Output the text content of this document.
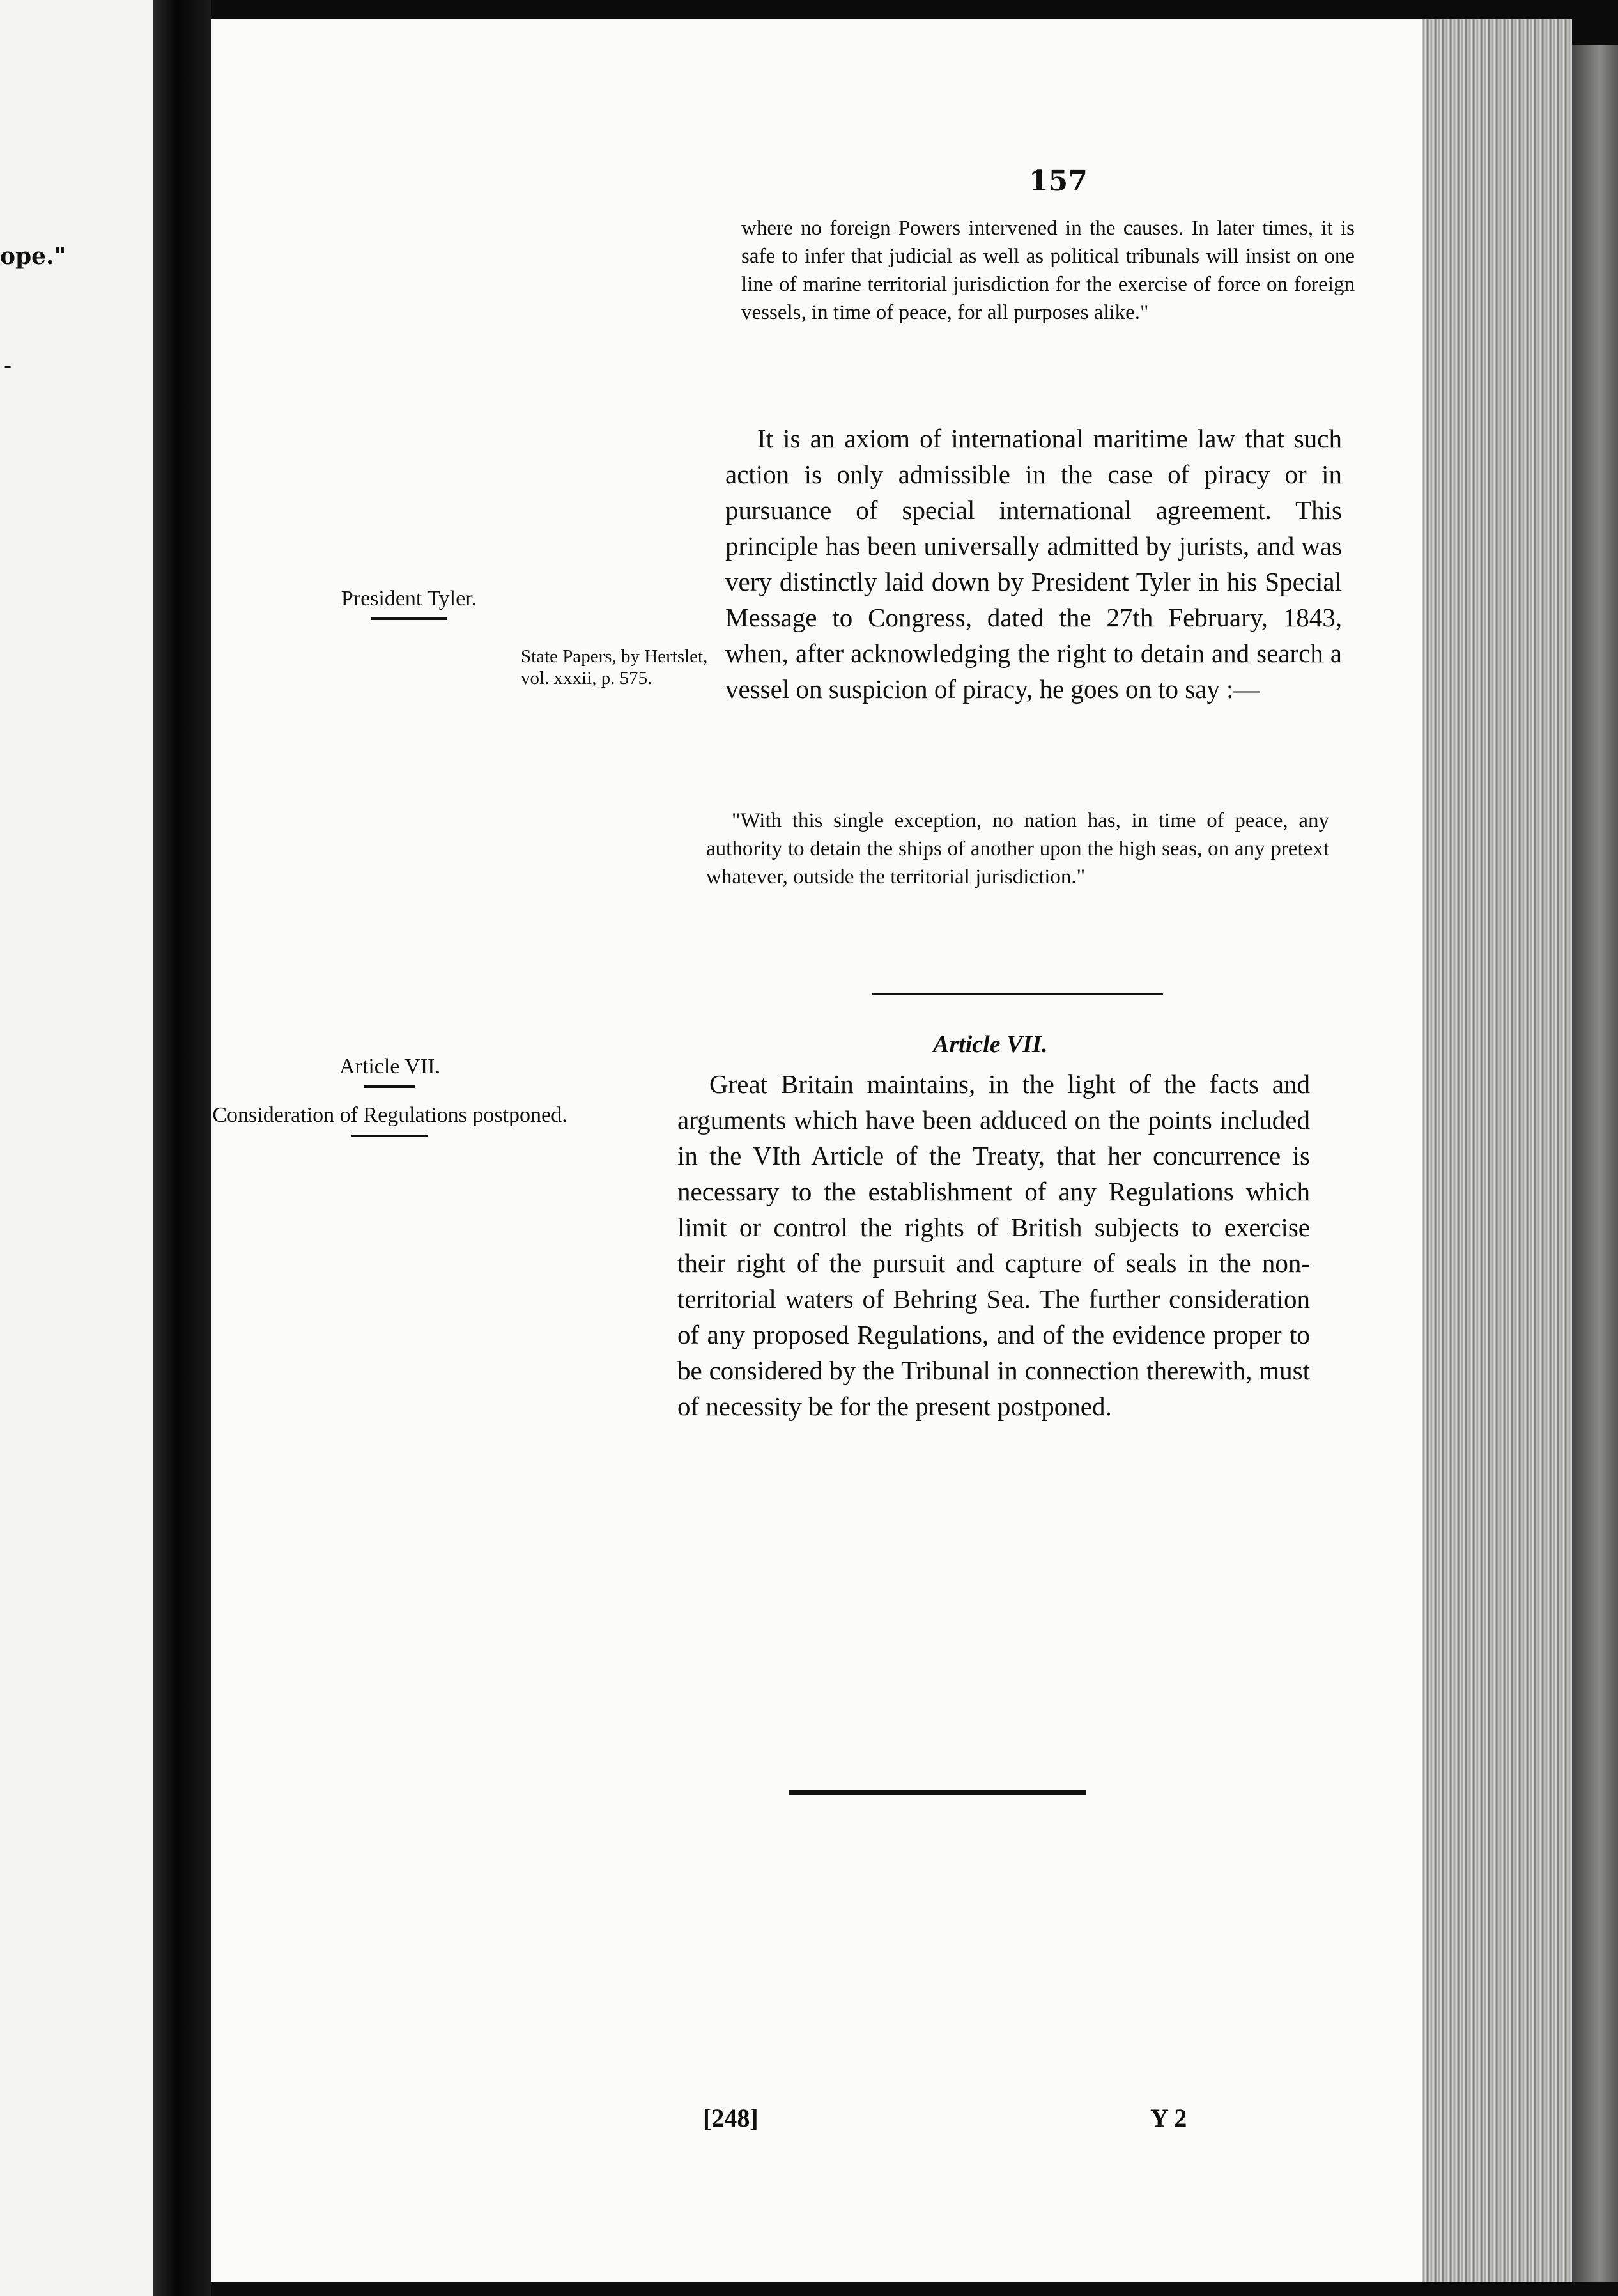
ope."
-
157
where no foreign Powers intervened in the causes. In later times, it is safe to infer that judicial as well as political tribunals will insist on one line of marine territorial jurisdiction for the exercise of force on foreign vessels, in time of peace, for all purposes alike."
President Tyler.
State Papers, by Hertslet, vol. xxxii, p. 575.
It is an axiom of international maritime law that such action is only admissible in the case of piracy or in pursuance of special international agreement. This principle has been universally admitted by jurists, and was very distinctly laid down by President Tyler in his Special Message to Congress, dated the 27th February, 1843, when, after acknowledging the right to detain and search a vessel on suspicion of piracy, he goes on to say :—
"With this single exception, no nation has, in time of peace, any authority to detain the ships of another upon the high seas, on any pretext whatever, outside the territorial jurisdiction."
Article VII.
Article VII.
Consideration of Regulations postponed.
Great Britain maintains, in the light of the facts and arguments which have been adduced on the points included in the VIth Article of the Treaty, that her concurrence is necessary to the establishment of any Regulations which limit or control the rights of British subjects to exercise their right of the pursuit and capture of seals in the non-territorial waters of Behring Sea. The further consideration of any proposed Regulations, and of the evidence proper to be considered by the Tribunal in connection therewith, must of necessity be for the present postponed.
[248]	Y 2
